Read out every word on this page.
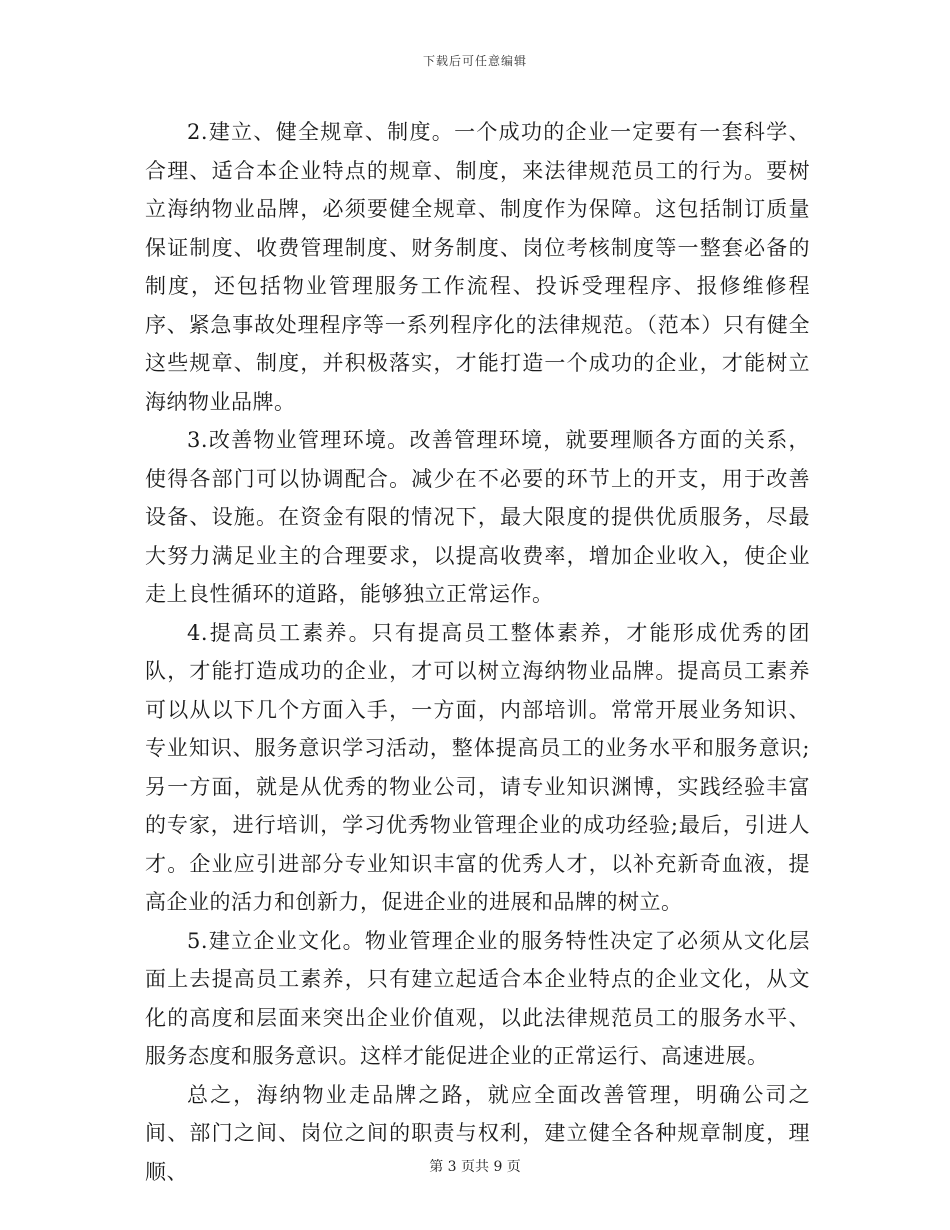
下载后可任意编辑

2.建立、健全规章、制度。一个成功的企业一定要有一套科学、合理、适合本企业特点的规章、制度，来法律规范员工的行为。要树立海纳物业品牌，必须要健全规章、制度作为保障。这包括制订质量保证制度、收费管理制度、财务制度、岗位考核制度等一整套必备的制度，还包括物业管理服务工作流程、投诉受理程序、报修维修程序、紧急事故处理程序等一系列程序化的法律规范。（范本）只有健全这些规章、制度，并积极落实，才能打造一个成功的企业，才能树立海纳物业品牌。

3.改善物业管理环境。改善管理环境，就要理顺各方面的关系，使得各部门可以协调配合。减少在不必要的环节上的开支，用于改善设备、设施。在资金有限的情况下，最大限度的提供优质服务，尽最大努力满足业主的合理要求，以提高收费率，增加企业收入，使企业走上良性循环的道路，能够独立正常运作。

4.提高员工素养。只有提高员工整体素养，才能形成优秀的团队，才能打造成功的企业，才可以树立海纳物业品牌。提高员工素养可以从以下几个方面入手，一方面，内部培训。常常开展业务知识、专业知识、服务意识学习活动，整体提高员工的业务水平和服务意识;另一方面，就是从优秀的物业公司，请专业知识渊博，实践经验丰富的专家，进行培训，学习优秀物业管理企业的成功经验;最后，引进人才。企业应引进部分专业知识丰富的优秀人才，以补充新奇血液，提高企业的活力和创新力，促进企业的进展和品牌的树立。

5.建立企业文化。物业管理企业的服务特性决定了必须从文化层面上去提高员工素养，只有建立起适合本企业特点的企业文化，从文化的高度和层面来突出企业价值观，以此法律规范员工的服务水平、服务态度和服务意识。这样才能促进企业的正常运行、高速进展。

总之，海纳物业走品牌之路，就应全面改善管理，明确公司之间、部门之间、岗位之间的职责与权利，建立健全各种规章制度，理顺、	第 3 页共 9 页
